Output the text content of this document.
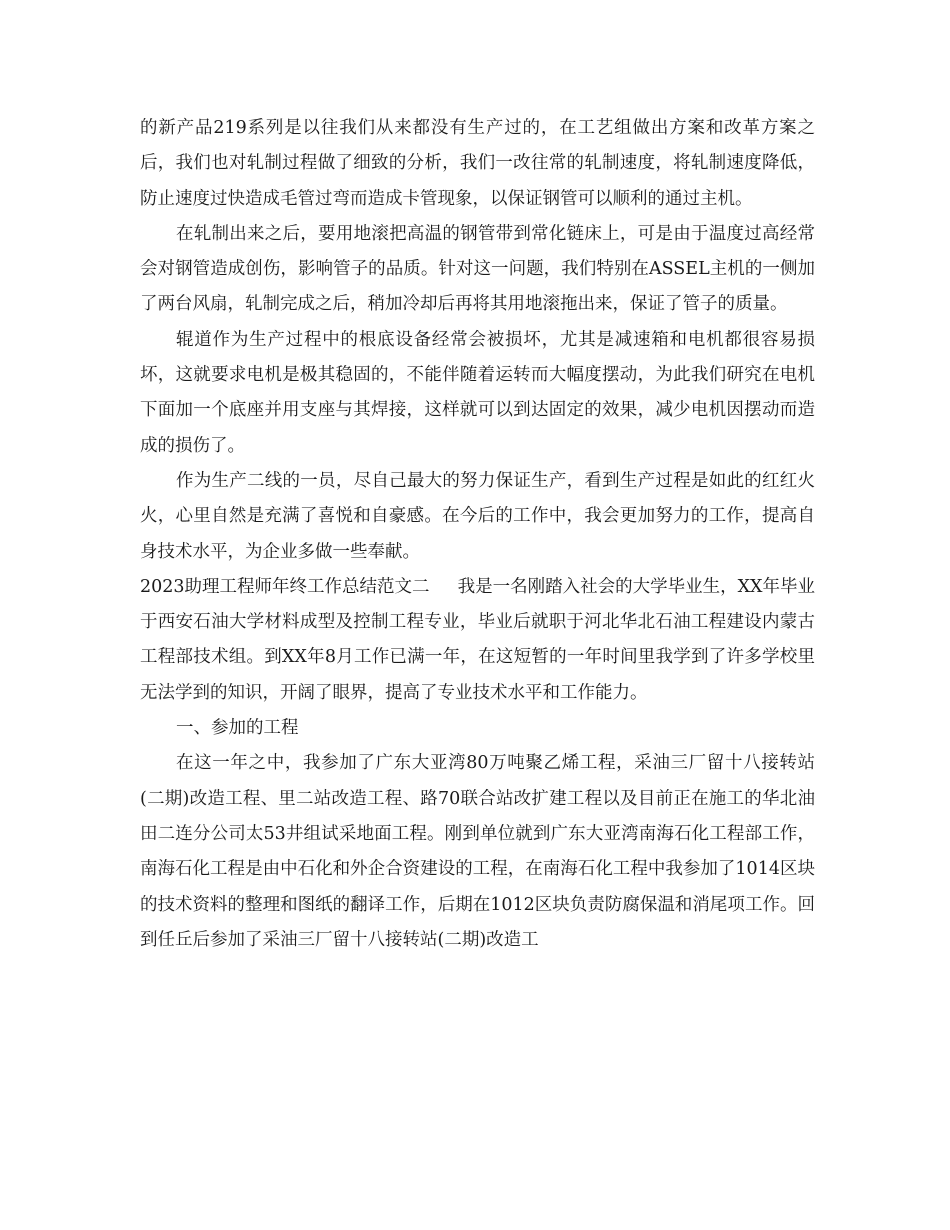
的新产品219系列是以往我们从来都没有生产过的，在工艺组做出方案和改革方案之后，我们也对轧制过程做了细致的分析，我们一改往常的轧制速度，将轧制速度降低，防止速度过快造成毛管过弯而造成卡管现象，以保证钢管可以顺利的通过主机。

在轧制出来之后，要用地滚把高温的钢管带到常化链床上，可是由于温度过高经常会对钢管造成创伤，影响管子的品质。针对这一问题，我们特别在ASSEL主机的一侧加了两台风扇，轧制完成之后，稍加冷却后再将其用地滚拖出来，保证了管子的质量。

辊道作为生产过程中的根底设备经常会被损坏，尤其是减速箱和电机都很容易损坏，这就要求电机是极其稳固的，不能伴随着运转而大幅度摆动，为此我们研究在电机下面加一个底座并用支座与其焊接，这样就可以到达固定的效果，减少电机因摆动而造成的损伤了。

作为生产二线的一员，尽自己最大的努力保证生产，看到生产过程是如此的红红火火，心里自然是充满了喜悦和自豪感。在今后的工作中，我会更加努力的工作，提高自身技术水平，为企业多做一些奉献。

2023助理工程师年终工作总结范文二 我是一名刚踏入社会的大学毕业生，XX年毕业于西安石油大学材料成型及控制工程专业，毕业后就职于河北华北石油工程建设内蒙古工程部技术组。到XX年8月工作已满一年，在这短暂的一年时间里我学到了许多学校里无法学到的知识，开阔了眼界，提高了专业技术水平和工作能力。

一、参加的工程

在这一年之中，我参加了广东大亚湾80万吨聚乙烯工程，采油三厂留十八接转站(二期)改造工程、里二站改造工程、路70联合站改扩建工程以及目前正在施工的华北油田二连分公司太53井组试采地面工程。刚到单位就到广东大亚湾南海石化工程部工作，南海石化工程是由中石化和外企合资建设的工程，在南海石化工程中我参加了1014区块的技术资料的整理和图纸的翻译工作，后期在1012区块负责防腐保温和消尾项工作。回到任丘后参加了采油三厂留十八接转站(二期)改造工
